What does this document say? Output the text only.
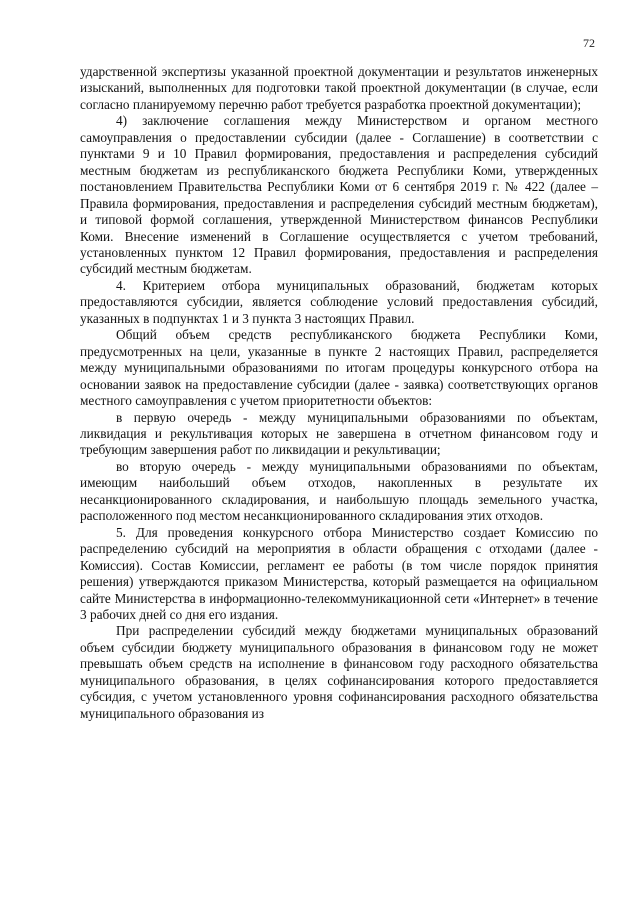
72

ударственной экспертизы указанной проектной документации и результатов инженерных изысканий, выполненных для подготовки такой проектной документации (в случае, если согласно планируемому перечню работ требуется разработка проектной документации);

4) заключение соглашения между Министерством и органом местного самоуправления о предоставлении субсидии (далее - Соглашение) в соответствии с пунктами 9 и 10 Правил формирования, предоставления и распределения субсидий местным бюджетам из республиканского бюджета Республики Коми, утвержденных постановлением Правительства Республики Коми от 6 сентября 2019 г. № 422 (далее – Правила формирования, предоставления и распределения субсидий местным бюджетам), и типовой формой соглашения, утвержденной Министерством финансов Республики Коми. Внесение изменений в Соглашение осуществляется с учетом требований, установленных пунктом 12 Правил формирования, предоставления и распределения субсидий местным бюджетам.

4. Критерием отбора муниципальных образований, бюджетам которых предоставляются субсидии, является соблюдение условий предоставления субсидий, указанных в подпунктах 1 и 3 пункта 3 настоящих Правил.

Общий объем средств республиканского бюджета Республики Коми, предусмотренных на цели, указанные в пункте 2 настоящих Правил, распределяется между муниципальными образованиями по итогам процедуры конкурсного отбора на основании заявок на предоставление субсидии (далее - заявка) соответствующих органов местного самоуправления с учетом приоритетности объектов:

в первую очередь - между муниципальными образованиями по объектам, ликвидация и рекультивация которых не завершена в отчетном финансовом году и требующим завершения работ по ликвидации и рекультивации;

во вторую очередь - между муниципальными образованиями по объектам, имеющим наибольший объем отходов, накопленных в результате их несанкционированного складирования, и наибольшую площадь земельного участка, расположенного под местом несанкционированного складирования этих отходов.

5. Для проведения конкурсного отбора Министерство создает Комиссию по распределению субсидий на мероприятия в области обращения с отходами (далее - Комиссия). Состав Комиссии, регламент ее работы (в том числе порядок принятия решения) утверждаются приказом Министерства, который размещается на официальном сайте Министерства в информационно-телекоммуникационной сети «Интернет» в течение 3 рабочих дней со дня его издания.

При распределении субсидий между бюджетами муниципальных образований объем субсидии бюджету муниципального образования в финансовом году не может превышать объем средств на исполнение в финансовом году расходного обязательства муниципального образования, в целях софинансирования которого предоставляется субсидия, с учетом установленного уровня софинансирования расходного обязательства муниципального образования из
